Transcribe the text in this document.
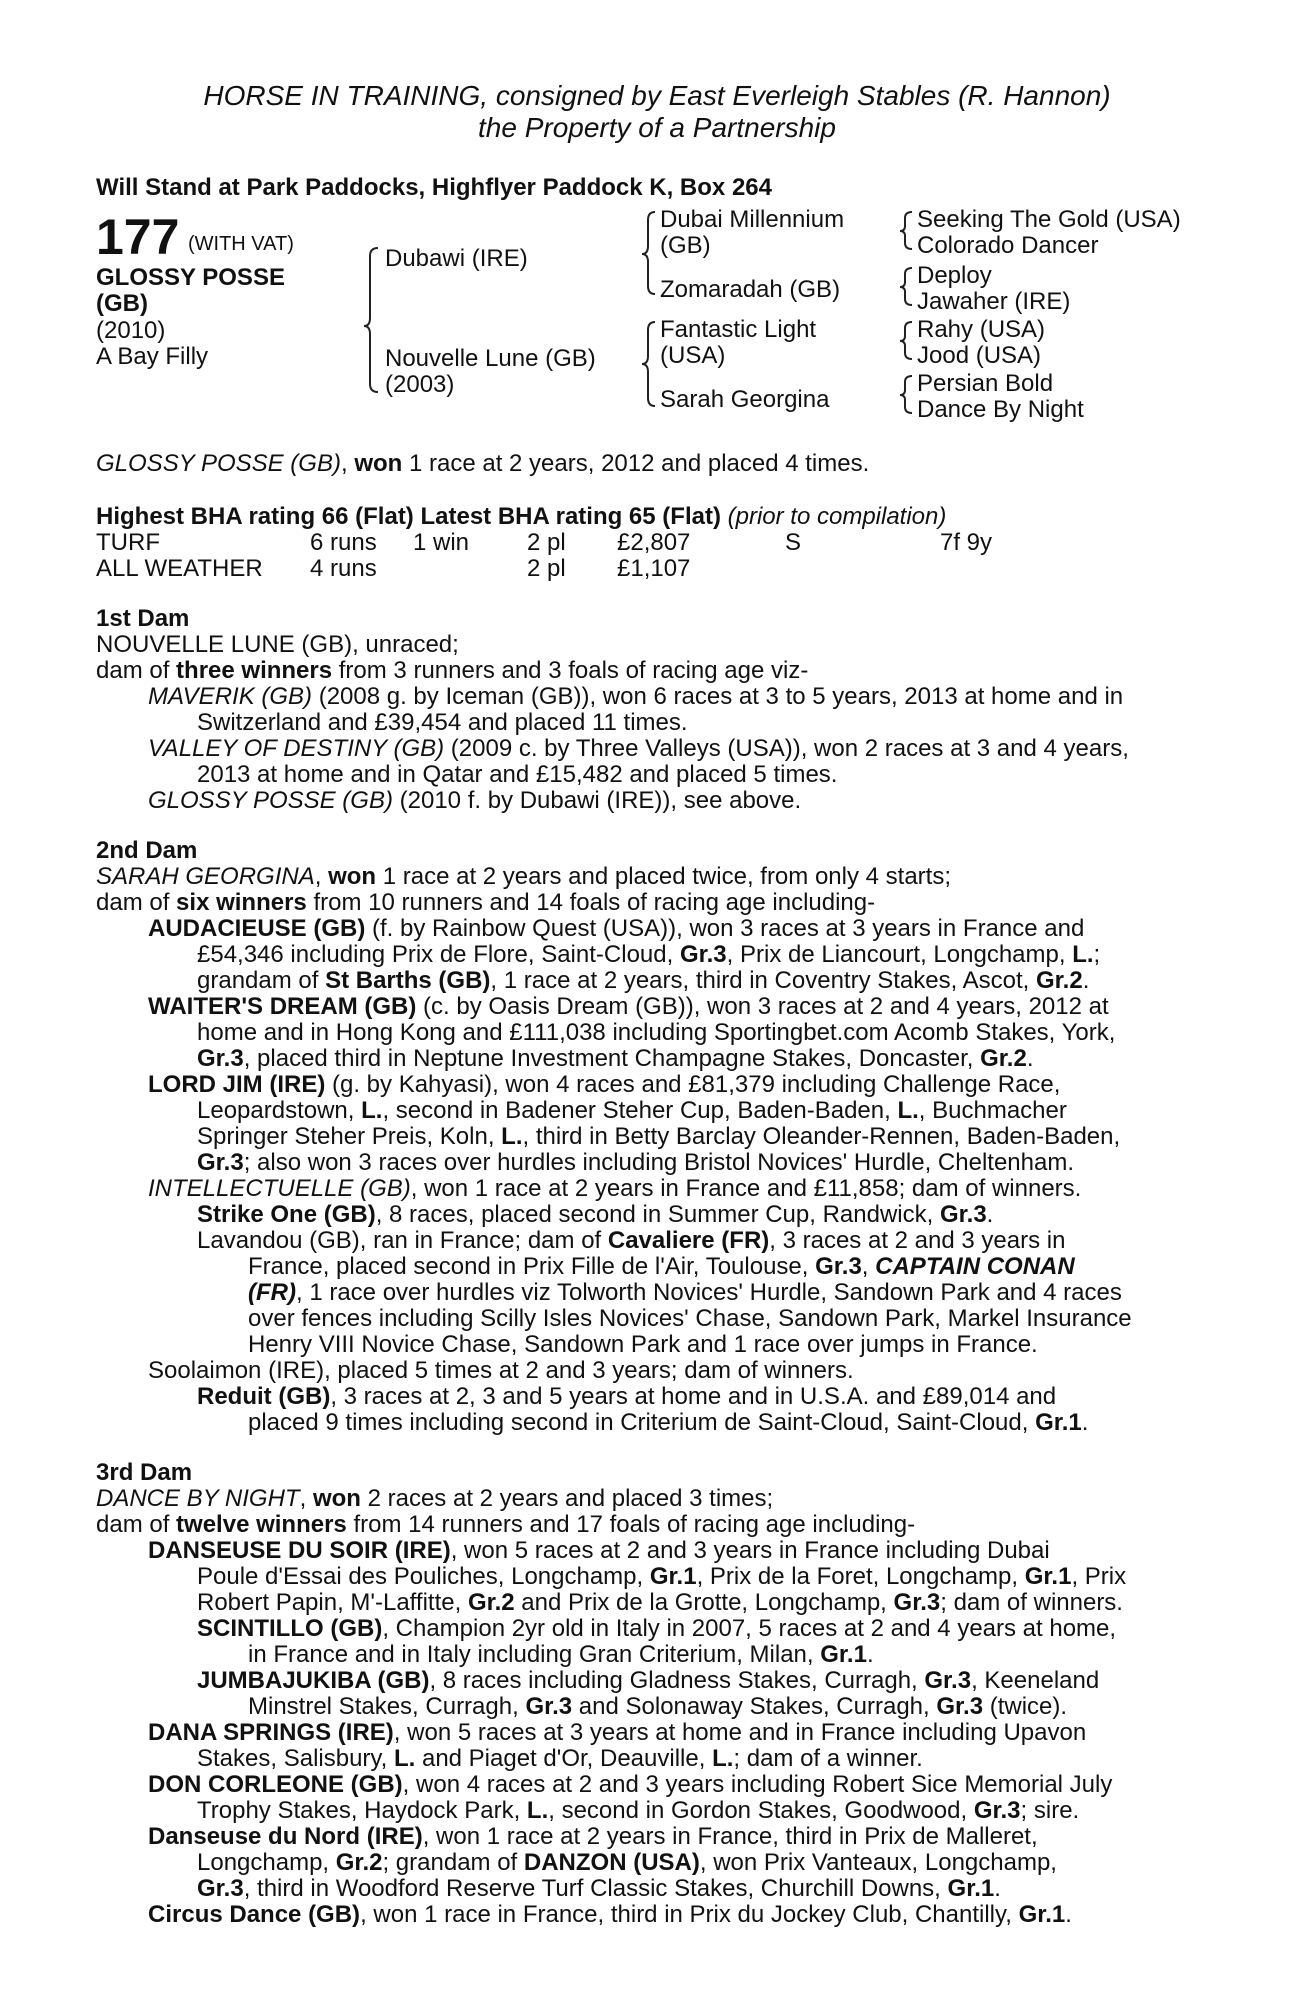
HORSE IN TRAINING, consigned by East Everleigh Stables (R. Hannon)
the Property of a Partnership
Will Stand at Park Paddocks, Highflyer Paddock K, Box 264
177 (WITH VAT)
GLOSSY POSSE
(GB)
(2010)
A Bay Filly
Dubawi (IRE)
Nouvelle Lune (GB)
(2003)
Dubai Millennium
(GB)
Zomaradah (GB)
Fantastic Light
(USA)
Sarah Georgina
Seeking The Gold (USA)
Colorado Dancer
Deploy
Jawaher (IRE)
Rahy (USA)
Jood (USA)
Persian Bold
Dance By Night
GLOSSY POSSE (GB), won 1 race at 2 years, 2012 and placed 4 times.
Highest BHA rating 66 (Flat) Latest BHA rating 65 (Flat) (prior to compilation)
TURF	6 runs 1 win 2 pl £2,807	S	7f 9y
ALL WEATHER 4 runs	2 pl £1,107
1st Dam
NOUVELLE LUNE (GB), unraced;
dam of three winners from 3 runners and 3 foals of racing age viz-
MAVERIK (GB) (2008 g. by Iceman (GB)), won 6 races at 3 to 5 years, 2013 at home and in
Switzerland and £39,454 and placed 11 times.
VALLEY OF DESTINY (GB) (2009 c. by Three Valleys (USA)), won 2 races at 3 and 4 years,
2013 at home and in Qatar and £15,482 and placed 5 times.
GLOSSY POSSE (GB) (2010 f. by Dubawi (IRE)), see above.
2nd Dam
SARAH GEORGINA, won 1 race at 2 years and placed twice, from only 4 starts;
dam of six winners from 10 runners and 14 foals of racing age including-
AUDACIEUSE (GB) (f. by Rainbow Quest (USA)), won 3 races at 3 years in France and
£54,346 including Prix de Flore, Saint-Cloud, Gr.3, Prix de Liancourt, Longchamp, L.;
grandam of St Barths (GB), 1 race at 2 years, third in Coventry Stakes, Ascot, Gr.2.
WAITER'S DREAM (GB) (c. by Oasis Dream (GB)), won 3 races at 2 and 4 years, 2012 at
home and in Hong Kong and £111,038 including Sportingbet.com Acomb Stakes, York,
Gr.3, placed third in Neptune Investment Champagne Stakes, Doncaster, Gr.2.
LORD JIM (IRE) (g. by Kahyasi), won 4 races and £81,379 including Challenge Race,
Leopardstown, L., second in Badener Steher Cup, Baden-Baden, L., Buchmacher
Springer Steher Preis, Koln, L., third in Betty Barclay Oleander-Rennen, Baden-Baden,
Gr.3; also won 3 races over hurdles including Bristol Novices' Hurdle, Cheltenham.
INTELLECTUELLE (GB), won 1 race at 2 years in France and £11,858; dam of winners.
Strike One (GB), 8 races, placed second in Summer Cup, Randwick, Gr.3.
Lavandou (GB), ran in France; dam of Cavaliere (FR), 3 races at 2 and 3 years in
France, placed second in Prix Fille de l'Air, Toulouse, Gr.3, CAPTAIN CONAN
(FR), 1 race over hurdles viz Tolworth Novices' Hurdle, Sandown Park and 4 races
over fences including Scilly Isles Novices' Chase, Sandown Park, Markel Insurance
Henry VIII Novice Chase, Sandown Park and 1 race over jumps in France.
Soolaimon (IRE), placed 5 times at 2 and 3 years; dam of winners.
Reduit (GB), 3 races at 2, 3 and 5 years at home and in U.S.A. and £89,014 and
placed 9 times including second in Criterium de Saint-Cloud, Saint-Cloud, Gr.1.
3rd Dam
DANCE BY NIGHT, won 2 races at 2 years and placed 3 times;
dam of twelve winners from 14 runners and 17 foals of racing age including-
DANSEUSE DU SOIR (IRE), won 5 races at 2 and 3 years in France including Dubai
Poule d'Essai des Pouliches, Longchamp, Gr.1, Prix de la Foret, Longchamp, Gr.1, Prix
Robert Papin, M'-Laffitte, Gr.2 and Prix de la Grotte, Longchamp, Gr.3; dam of winners.
SCINTILLO (GB), Champion 2yr old in Italy in 2007, 5 races at 2 and 4 years at home,
in France and in Italy including Gran Criterium, Milan, Gr.1.
JUMBAJUKIBA (GB), 8 races including Gladness Stakes, Curragh, Gr.3, Keeneland
Minstrel Stakes, Curragh, Gr.3 and Solonaway Stakes, Curragh, Gr.3 (twice).
DANA SPRINGS (IRE), won 5 races at 3 years at home and in France including Upavon
Stakes, Salisbury, L. and Piaget d'Or, Deauville, L.; dam of a winner.
DON CORLEONE (GB), won 4 races at 2 and 3 years including Robert Sice Memorial July
Trophy Stakes, Haydock Park, L., second in Gordon Stakes, Goodwood, Gr.3; sire.
Danseuse du Nord (IRE), won 1 race at 2 years in France, third in Prix de Malleret,
Longchamp, Gr.2; grandam of DANZON (USA), won Prix Vanteaux, Longchamp,
Gr.3, third in Woodford Reserve Turf Classic Stakes, Churchill Downs, Gr.1.
Circus Dance (GB), won 1 race in France, third in Prix du Jockey Club, Chantilly, Gr.1.
